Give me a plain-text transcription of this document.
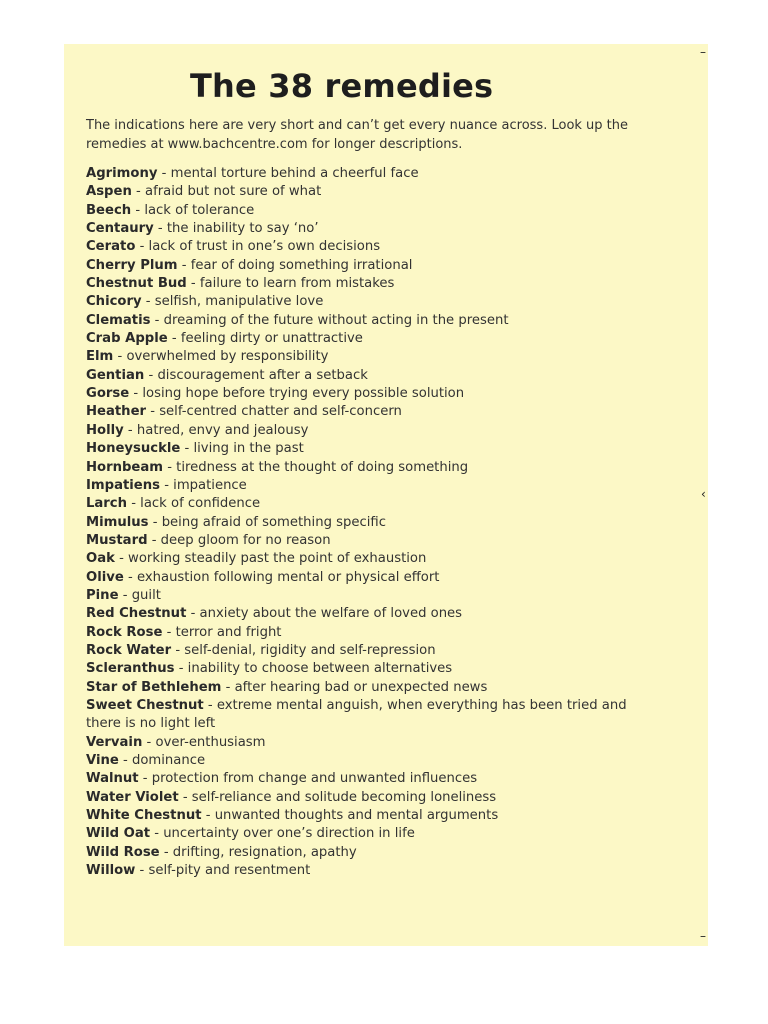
The 38 remedies

The indications here are very short and can’t get every nuance across. Look up the remedies at www.bachcentre.com for longer descriptions.

Agrimony - mental torture behind a cheerful face
Aspen - afraid but not sure of what
Beech - lack of tolerance
Centaury - the inability to say ‘no’
Cerato - lack of trust in one’s own decisions
Cherry Plum - fear of doing something irrational
Chestnut Bud - failure to learn from mistakes
Chicory - selfish, manipulative love
Clematis - dreaming of the future without acting in the present
Crab Apple - feeling dirty or unattractive
Elm - overwhelmed by responsibility
Gentian - discouragement after a setback
Gorse - losing hope before trying every possible solution
Heather - self-centred chatter and self-concern
Holly - hatred, envy and jealousy
Honeysuckle - living in the past
Hornbeam - tiredness at the thought of doing something
Impatiens - impatience
Larch - lack of confidence
Mimulus - being afraid of something specific
Mustard - deep gloom for no reason
Oak - working steadily past the point of exhaustion
Olive - exhaustion following mental or physical effort
Pine - guilt
Red Chestnut - anxiety about the welfare of loved ones
Rock Rose - terror and fright
Rock Water - self-denial, rigidity and self-repression
Scleranthus - inability to choose between alternatives
Star of Bethlehem - after hearing bad or unexpected news
Sweet Chestnut - extreme mental anguish, when everything has been tried and there is no light left
Vervain - over-enthusiasm
Vine - dominance
Walnut - protection from change and unwanted influences
Water Violet - self-reliance and solitude becoming loneliness
White Chestnut - unwanted thoughts and mental arguments
Wild Oat - uncertainty over one’s direction in life
Wild Rose - drifting, resignation, apathy
Willow - self-pity and resentment
–
‹
–
